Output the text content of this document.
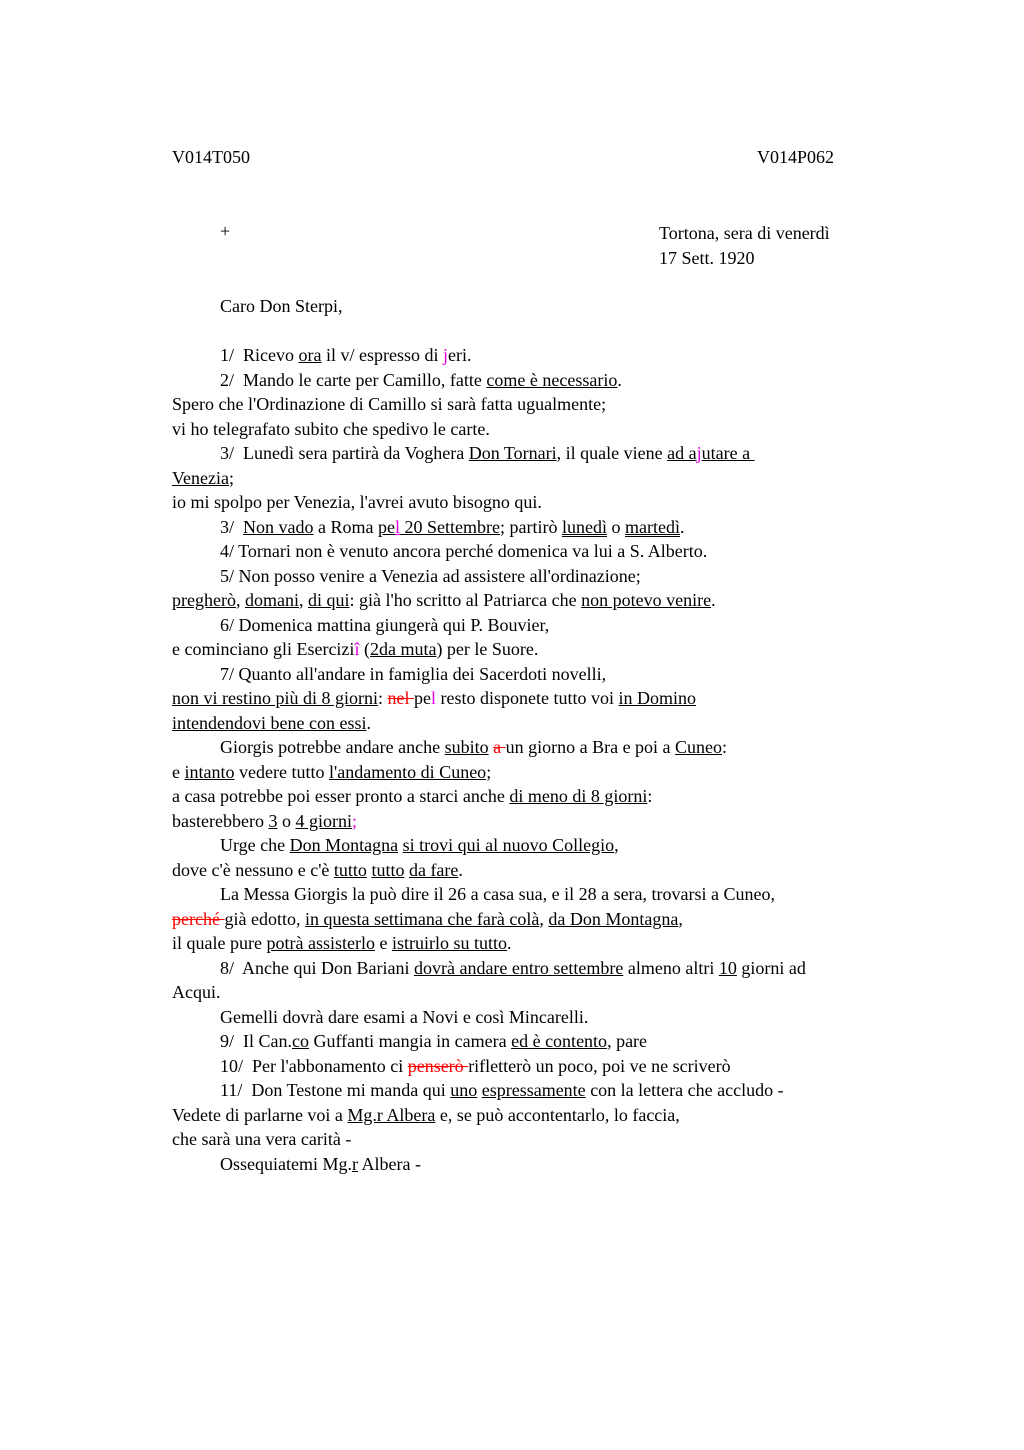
V014T050	V014P062
+	Tortona, sera di venerdì
17 Sett. 1920
Caro Don Sterpi,
1/  Ricevo ora il v/ espresso di jeri.
2/  Mando le carte per Camillo, fatte come è necessario.
Spero che l'Ordinazione di Camillo si sarà fatta ugualmente;
vi ho telegrafato subito che spedivo le carte.
3/  Lunedì sera partirà da Voghera Don Tornari, il quale viene ad ajutare a
Venezia;
io mi spolpo per Venezia, l'avrei avuto bisogno qui.
3/  Non vado a Roma pel 20 Settembre; partirò lunedì o martedì.
4/ Tornari non è venuto ancora perché domenica va lui a S. Alberto.
5/ Non posso venire a Venezia ad assistere all'ordinazione;
pregherò, domani, di qui: già l'ho scritto al Patriarca che non potevo venire.
6/ Domenica mattina giungerà qui P. Bouvier,
e cominciano gli Eserciziî (2da muta) per le Suore.
7/ Quanto all'andare in famiglia dei Sacerdoti novelli,
non vi restino più di 8 giorni: nel pel resto disponete tutto voi in Domino
intendendovi bene con essi.
Giorgis potrebbe andare anche subito a un giorno a Bra e poi a Cuneo:
e intanto vedere tutto l'andamento di Cuneo;
a casa potrebbe poi esser pronto a starci anche di meno di 8 giorni:
basterebbero 3 o 4 giorni;
Urge che Don Montagna si trovi qui al nuovo Collegio,
dove c'è nessuno e c'è tutto tutto da fare.
La Messa Giorgis la può dire il 26 a casa sua, e il 28 a sera, trovarsi a Cuneo,
perché già edotto, in questa settimana che farà colà, da Don Montagna,
il quale pure potrà assisterlo e istruirlo su tutto.
8/  Anche qui Don Bariani dovrà andare entro settembre almeno altri 10 giorni ad
Acqui.
Gemelli dovrà dare esami a Novi e così Mincarelli.
9/  Il Can.co Guffanti mangia in camera ed è contento, pare
10/  Per l'abbonamento ci penserò rifletterò un poco, poi ve ne scriverò
11/  Don Testone mi manda qui uno espressamente con la lettera che accludo -
Vedete di parlarne voi a Mg.r Albera e, se può accontentarlo, lo faccia,
che sarà una vera carità -
Ossequiatemi Mg.r Albera -
